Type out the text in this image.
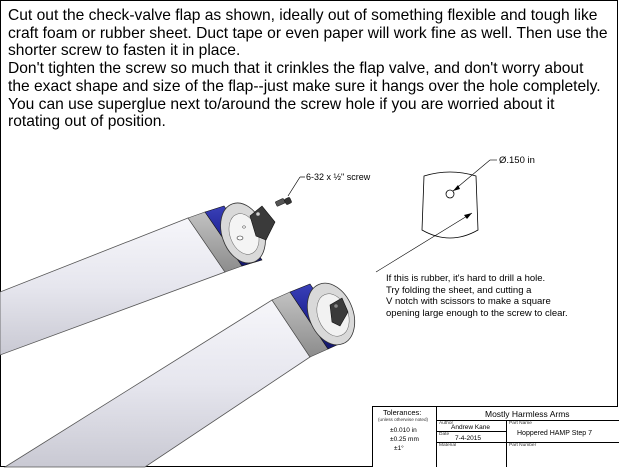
Cut out the check-valve flap as shown, ideally out of something flexible and tough like craft foam or rubber sheet. Duct tape or even paper will work fine as well. Then use the shorter screw to fasten it in place.

Don't tighten the screw so much that it crinkles the flap valve, and don't worry about the exact shape and size of the flap--just make sure it hangs over the hole completely.

You can use superglue next to/around the screw hole if you are worried about it rotating out of position.

6-32 x ½" screw
Ø.150 in
If this is rubber, it's hard to drill a hole.
Try folding the sheet, and cutting a
V notch with scissors to make a square
opening large enough to the screw to clear.
Tolerances:
(unless otherwise noted)
±0.010 in
±0.25 mm
±1°
Mostly Harmless Arms
Author
Andrew Kane
Date
7-4-2015
Material
Part Name
Hoppered HAMP Step 7
Part Number
